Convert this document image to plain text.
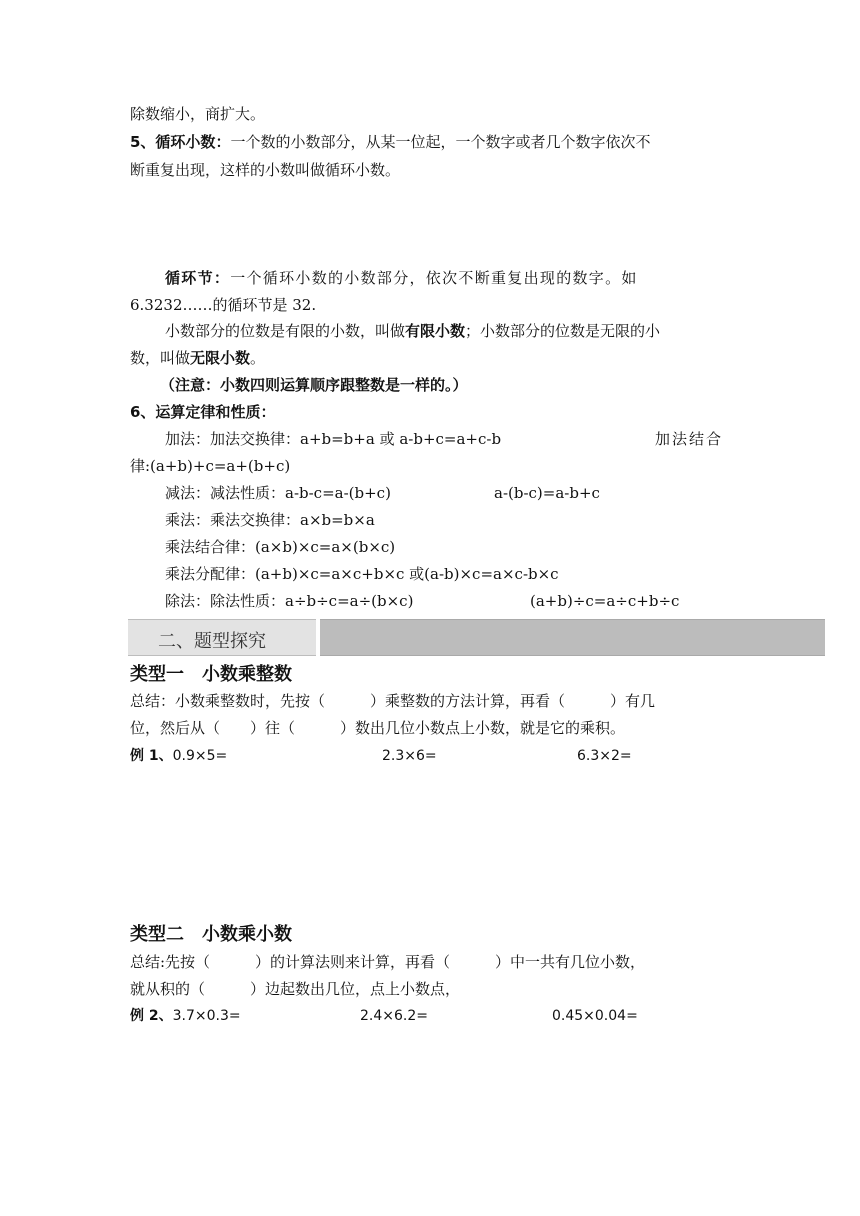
除数缩小，商扩大。
5、循环小数：一个数的小数部分，从某一位起，一个数字或者几个数字依次不
断重复出现，这样的小数叫做循环小数。
循环节：一个循环小数的小数部分，依次不断重复出现的数字。如
6.3232……的循环节是 32.
小数部分的位数是有限的小数，叫做有限小数；小数部分的位数是无限的小
数，叫做无限小数。
（注意：小数四则运算顺序跟整数是一样的。）
6、运算定律和性质：
加法：加法交换律：a+b=b+a 或 a-b+c=a+c-b	加法结合
律:(a+b)+c=a+(b+c)
减法：减法性质：a-b-c=a-(b+c)	a-(b-c)=a-b+c
乘法：乘法交换律：a×b=b×a
乘法结合律：(a×b)×c=a×(b×c)
乘法分配律：(a+b)×c=a×c+b×c 或(a-b)×c=a×c-b×c
除法：除法性质：a÷b÷c=a÷(b×c)	(a+b)÷c=a÷c+b÷c
二、题型探究
类型一　小数乘整数
总结：小数乘整数时，先按（　　　）乘整数的方法计算，再看（　　　）有几
位，然后从（　　）往（　　　）数出几位小数点上小数，就是它的乘积。
例 1、0.9×5=	2.3×6=	6.3×2=
类型二　小数乘小数
总结:先按（　　　）的计算法则来计算，再看（　　　）中一共有几位小数，
就从积的（　　　）边起数出几位，点上小数点，
例 2、3.7×0.3=	2.4×6.2=	0.45×0.04=
